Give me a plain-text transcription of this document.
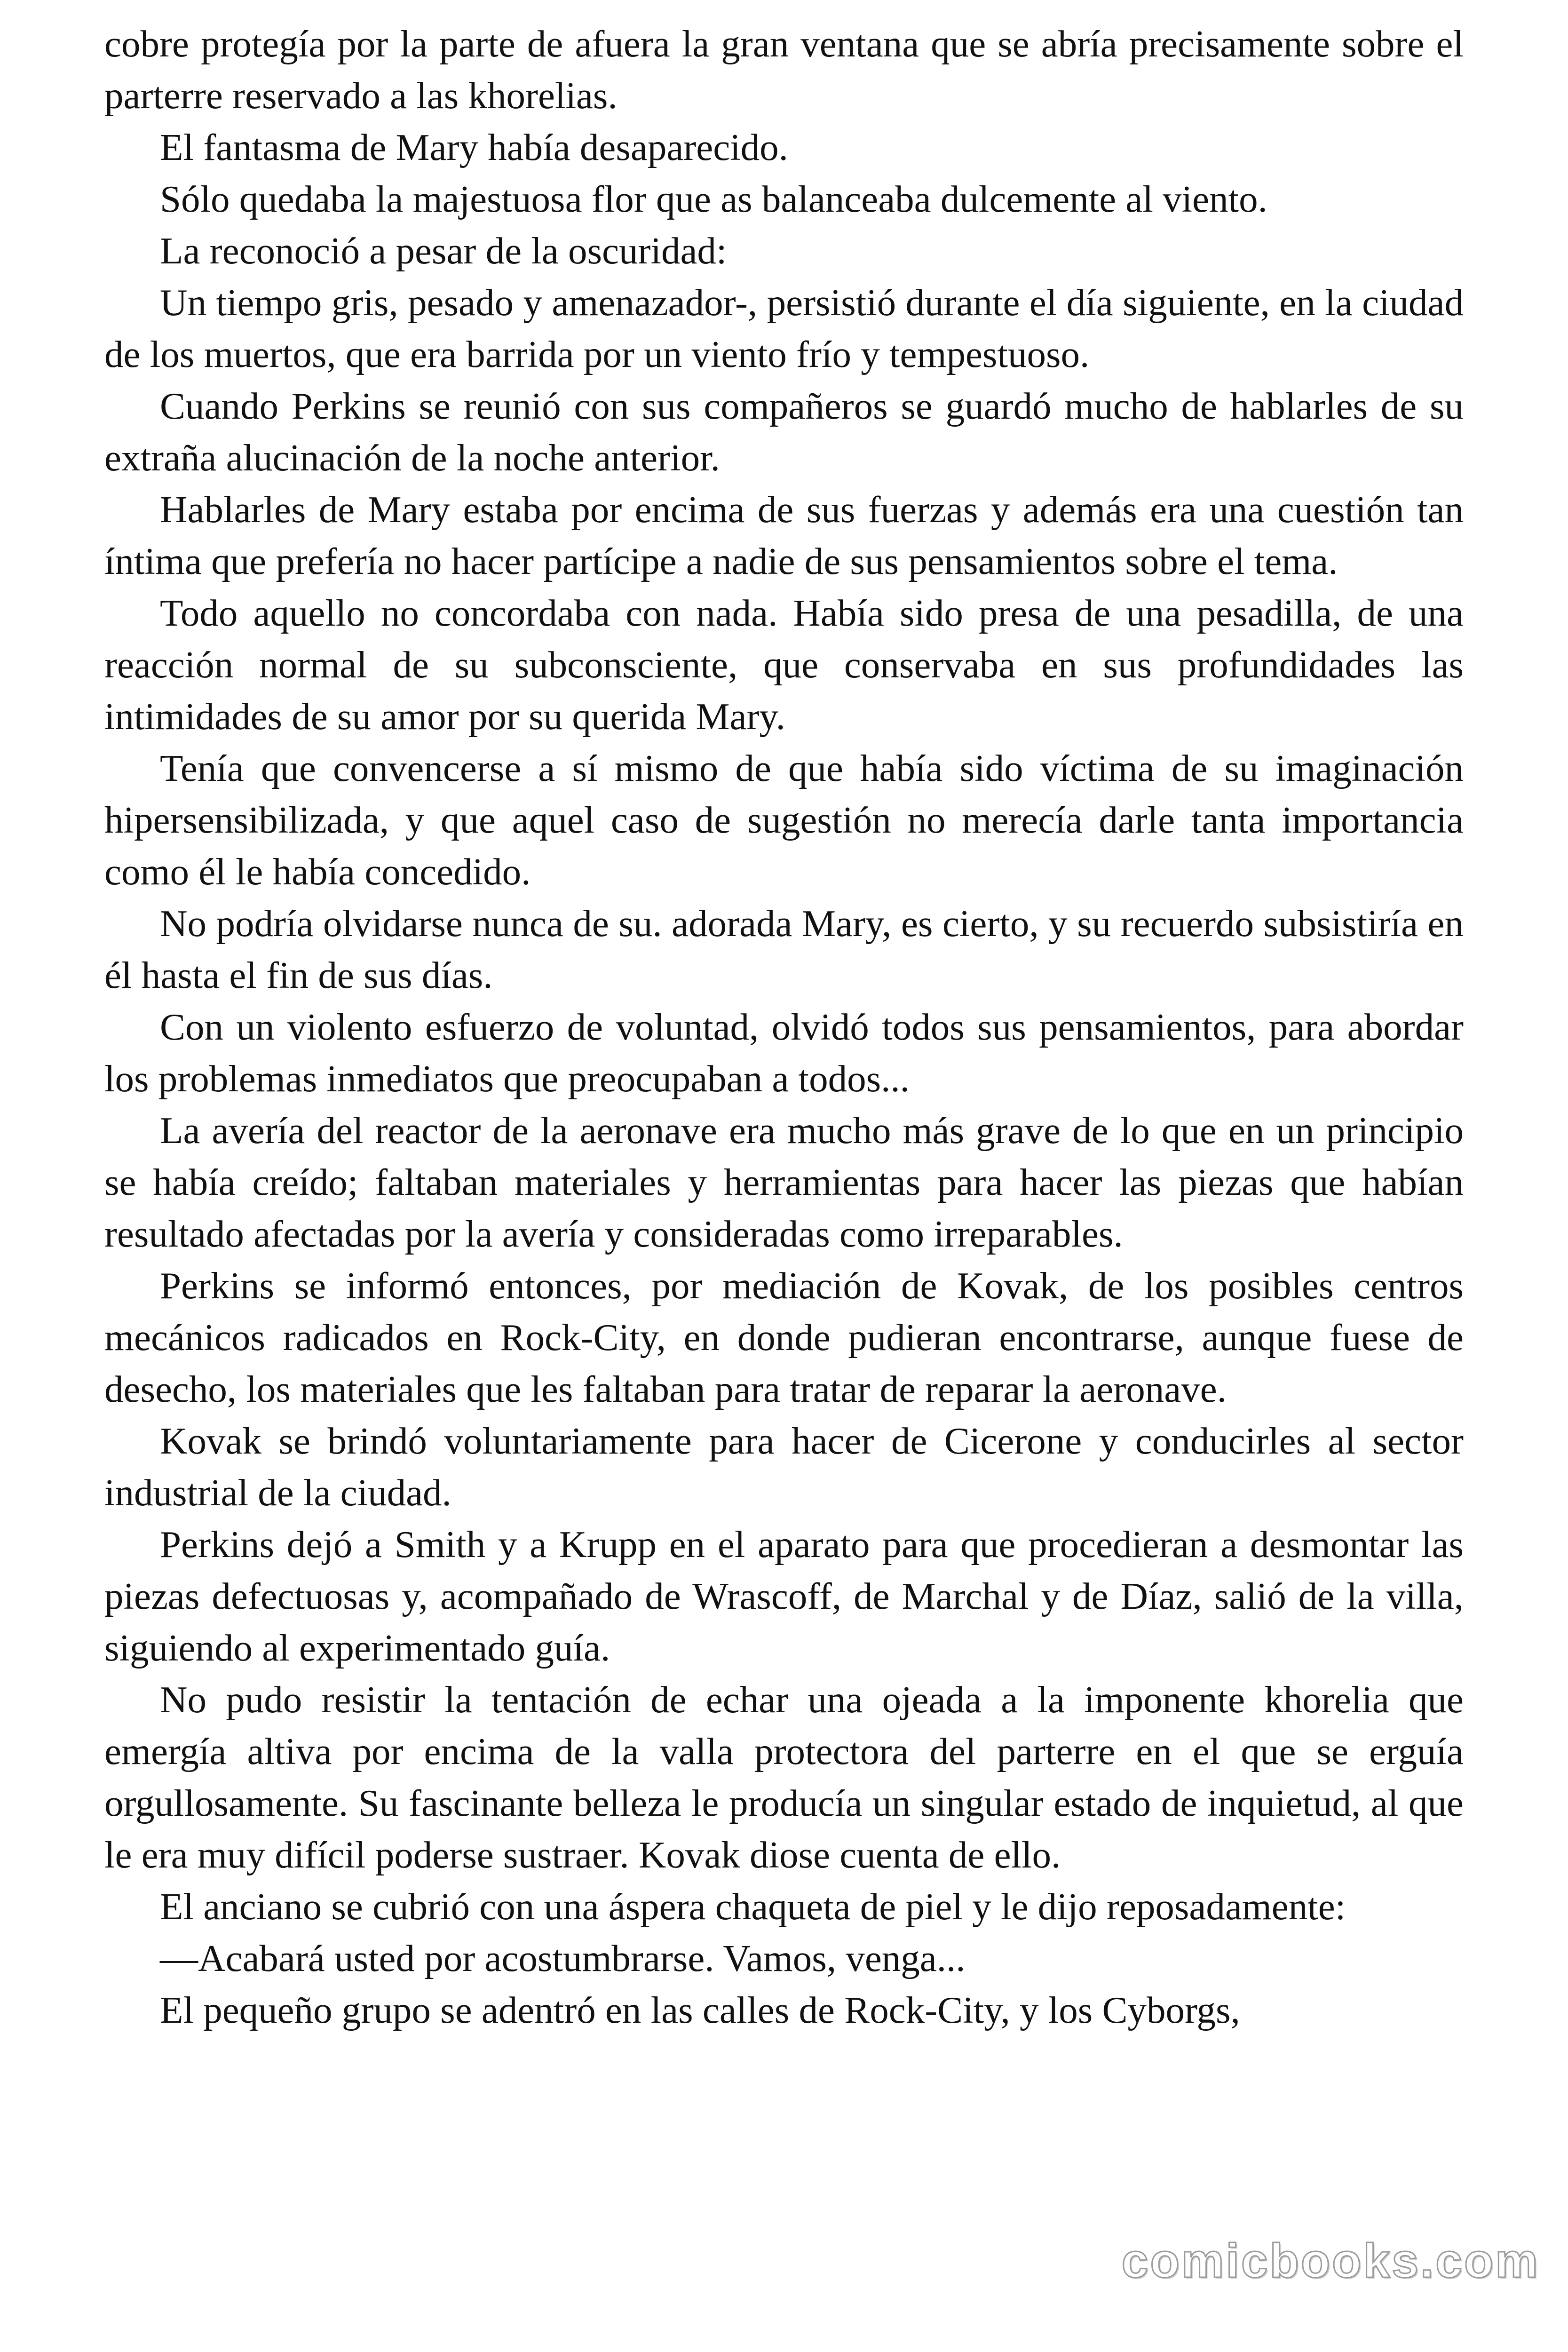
cobre protegía por la parte de afuera la gran ventana que se abría precisamente sobre el parterre reservado a las khorelias.

El fantasma de Mary había desaparecido.

Sólo quedaba la majestuosa flor que as balanceaba dulcemente al viento.

La reconoció a pesar de la oscuridad:

Un tiempo gris, pesado y amenazador-, persistió durante el día siguiente, en la ciudad de los muertos, que era barrida por un viento frío y tempestuoso.

Cuando Perkins se reunió con sus compañeros se guardó mucho de hablarles de su extraña alucinación de la noche anterior.

Hablarles de Mary estaba por encima de sus fuerzas y además era una cuestión tan íntima que prefería no hacer partícipe a nadie de sus pensamientos sobre el tema.

Todo aquello no concordaba con nada. Había sido presa de una pesadilla, de una reacción normal de su subconsciente, que conservaba en sus profundidades las intimidades de su amor por su querida Mary.

Tenía que convencerse a sí mismo de que había sido víctima de su imaginación hipersensibilizada, y que aquel caso de sugestión no merecía darle tanta importancia como él le había concedido.

No podría olvidarse nunca de su. adorada Mary, es cierto, y su recuerdo subsistiría en él hasta el fin de sus días.

Con un violento esfuerzo de voluntad, olvidó todos sus pensamientos, para abordar los problemas inmediatos que preocupaban a todos...

La avería del reactor de la aeronave era mucho más grave de lo que en un principio se había creído; faltaban materiales y herramientas para hacer las piezas que habían resultado afectadas por la avería y consideradas como irreparables.

Perkins se informó entonces, por mediación de Kovak, de los posibles centros mecánicos radicados en Rock-City, en donde pudieran encontrarse, aunque fuese de desecho, los materiales que les faltaban para tratar de reparar la aeronave.

Kovak se brindó voluntariamente para hacer de Cicerone y conducirles al sector industrial de la ciudad.

Perkins dejó a Smith y a Krupp en el aparato para que procedieran a desmontar las piezas defectuosas y, acompañado de Wrascoff, de Marchal y de Díaz, salió de la villa, siguiendo al experimentado guía.

No pudo resistir la tentación de echar una ojeada a la imponente khorelia que emergía altiva por encima de la valla protectora del parterre en el que se erguía orgullosamente. Su fascinante belleza le producía un singular estado de inquietud, al que le era muy difícil poderse sustraer. Kovak diose cuenta de ello.

El anciano se cubrió con una áspera chaqueta de piel y le dijo reposadamente:

—Acabará usted por acostumbrarse. Vamos, venga...

El pequeño grupo se adentró en las calles de Rock-City, y los Cyborgs,

comicbooks.com
